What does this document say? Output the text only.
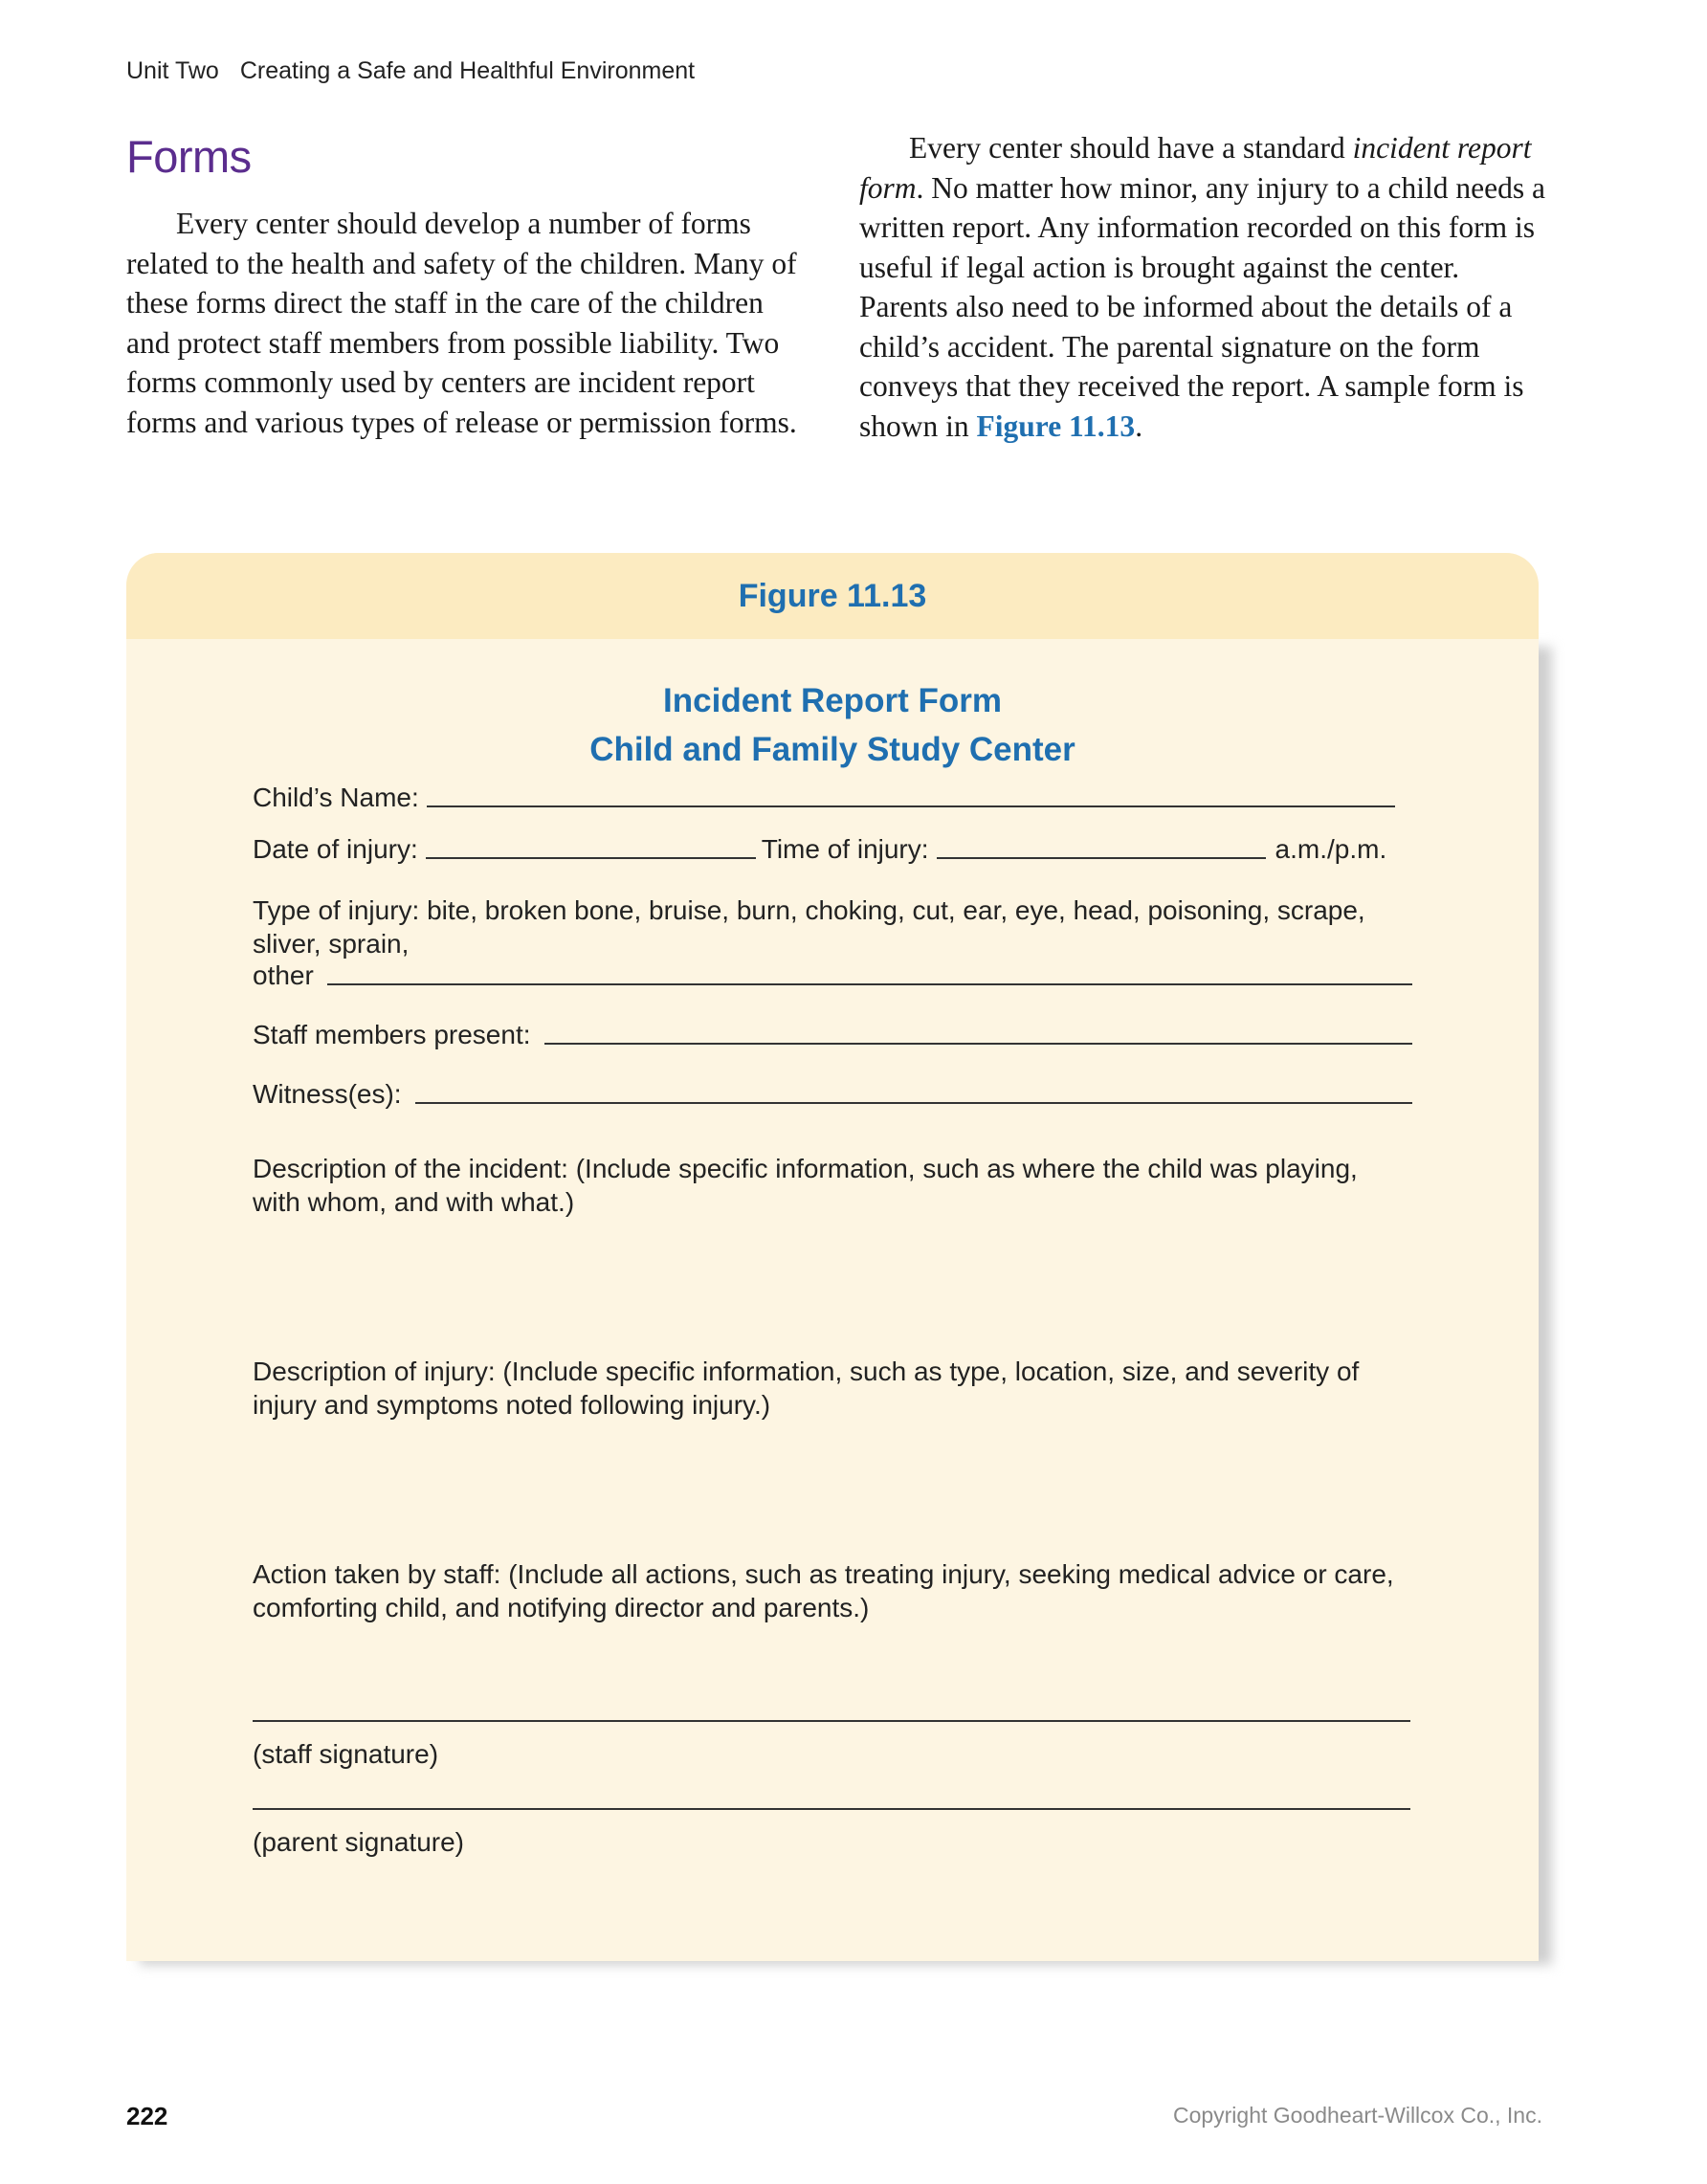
Unit Two Creating a Safe and Healthful Environment
Forms

Every center should develop a number of forms related to the health and safety of the children. Many of these forms direct the staff in the care of the children and protect staff members from possible liability. Two forms commonly used by centers are incident report forms and various types of release or permission forms.

Every center should have a standard incident report form. No matter how minor, any injury to a child needs a written report. Any information recorded on this form is useful if legal action is brought against the center. Parents also need to be informed about the details of a child’s accident. The parental signature on the form conveys that they received the report. A sample form is shown in Figure 11.13.

Figure 11.13
Incident Report Form
Child and Family Study Center
Child’s Name:
Date of injury:	Time of injury:	a.m./p.m.
Type of injury: bite, broken bone, bruise, burn, choking, cut, ear, eye, head, poisoning, scrape, sliver, sprain,
other
Staff members present:
Witness(es):
Description of the incident: (Include specific information, such as where the child was playing, with whom, and with what.)
Description of injury: (Include specific information, such as type, location, size, and severity of injury and symptoms noted following injury.)
Action taken by staff: (Include all actions, such as treating injury, seeking medical advice or care, comforting child, and notifying director and parents.)
(staff signature)
(parent signature)
222	Copyright Goodheart-Willcox Co., Inc.
